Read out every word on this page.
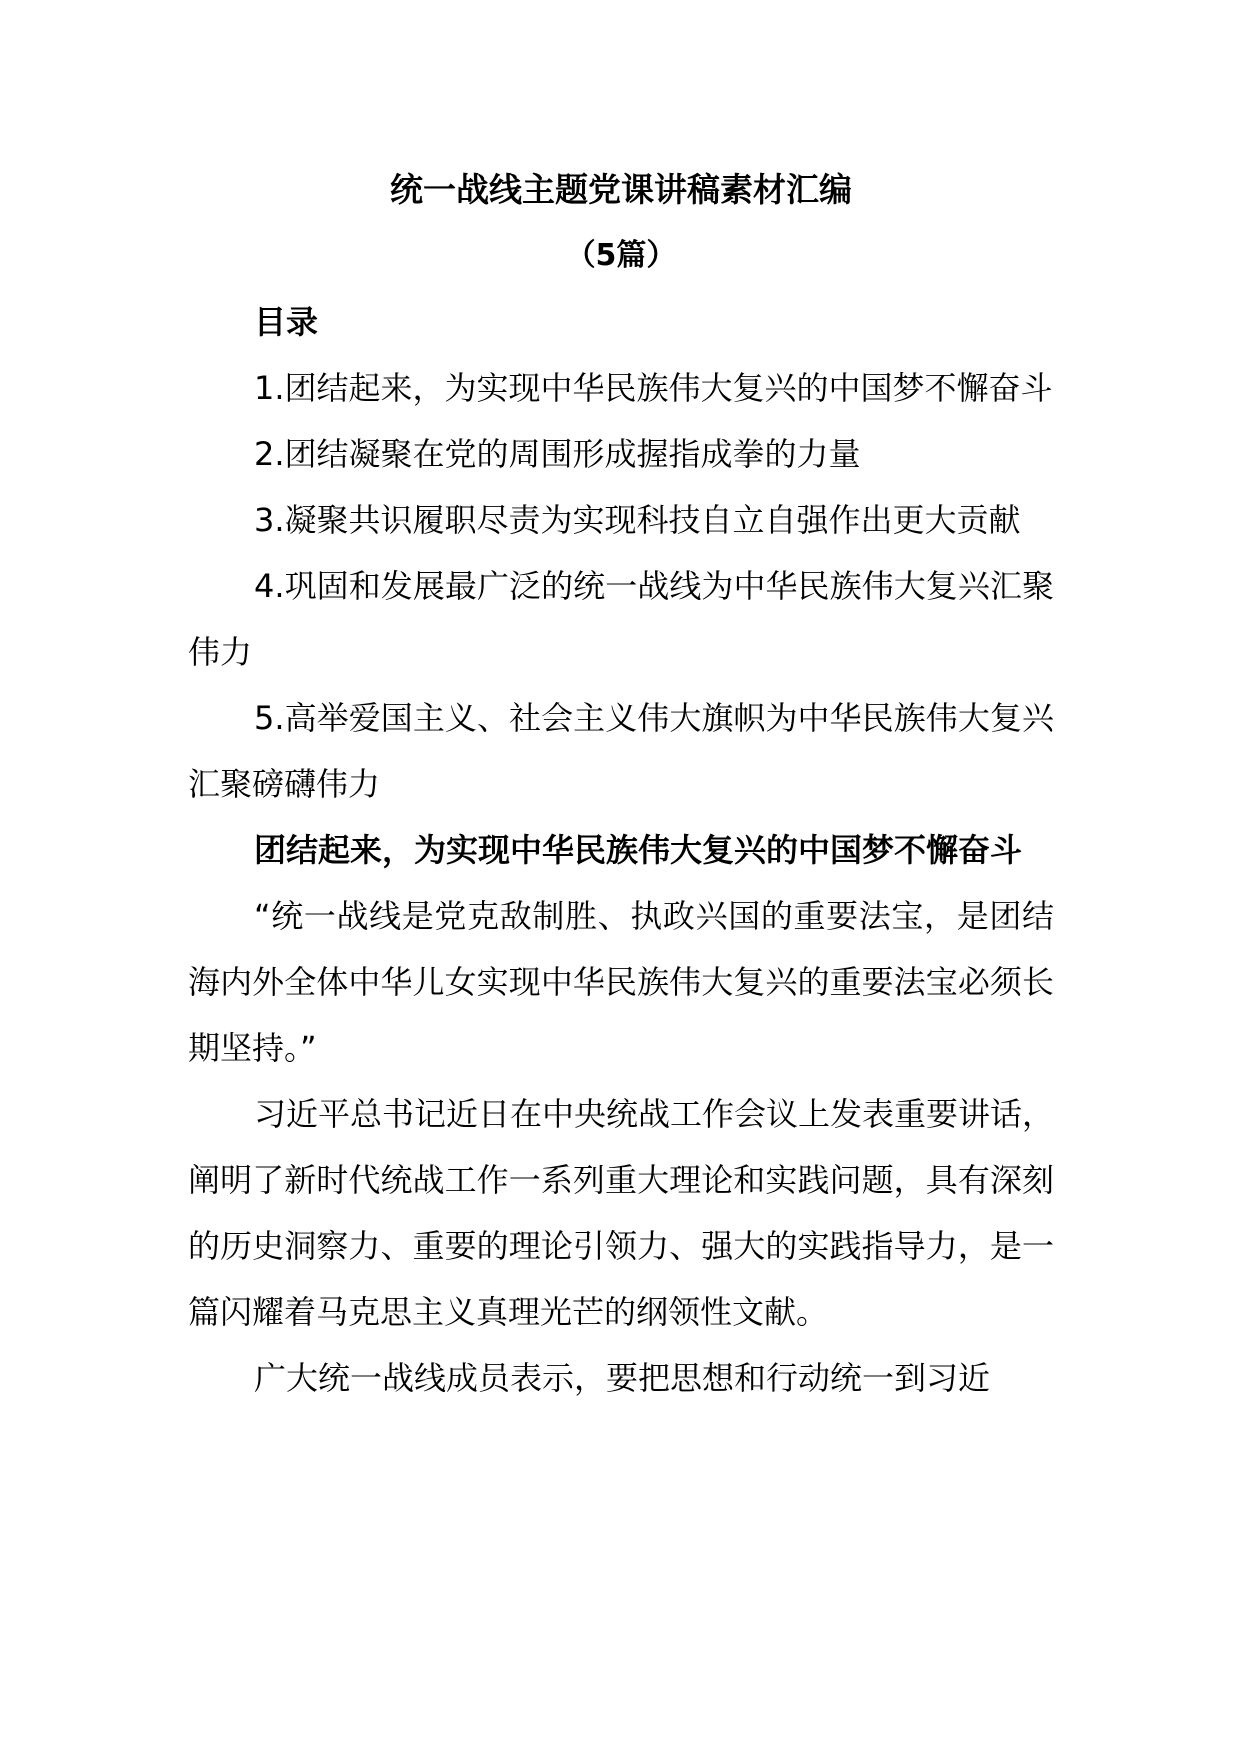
统一战线主题党课讲稿素材汇编

（5篇）

目录

1.团结起来，为实现中华民族伟大复兴的中国梦不懈奋斗

2.团结凝聚在党的周围形成握指成拳的力量

3.凝聚共识履职尽责为实现科技自立自强作出更大贡献

4.巩固和发展最广泛的统一战线为中华民族伟大复兴汇聚伟力

5.高举爱国主义、社会主义伟大旗帜为中华民族伟大复兴汇聚磅礴伟力

团结起来，为实现中华民族伟大复兴的中国梦不懈奋斗

“统一战线是党克敌制胜、执政兴国的重要法宝，是团结海内外全体中华儿女实现中华民族伟大复兴的重要法宝必须长期坚持。”

习近平总书记近日在中央统战工作会议上发表重要讲话，阐明了新时代统战工作一系列重大理论和实践问题，具有深刻的历史洞察力、重要的理论引领力、强大的实践指导力，是一篇闪耀着马克思主义真理光芒的纲领性文献。

广大统一战线成员表示，要把思想和行动统一到习近
